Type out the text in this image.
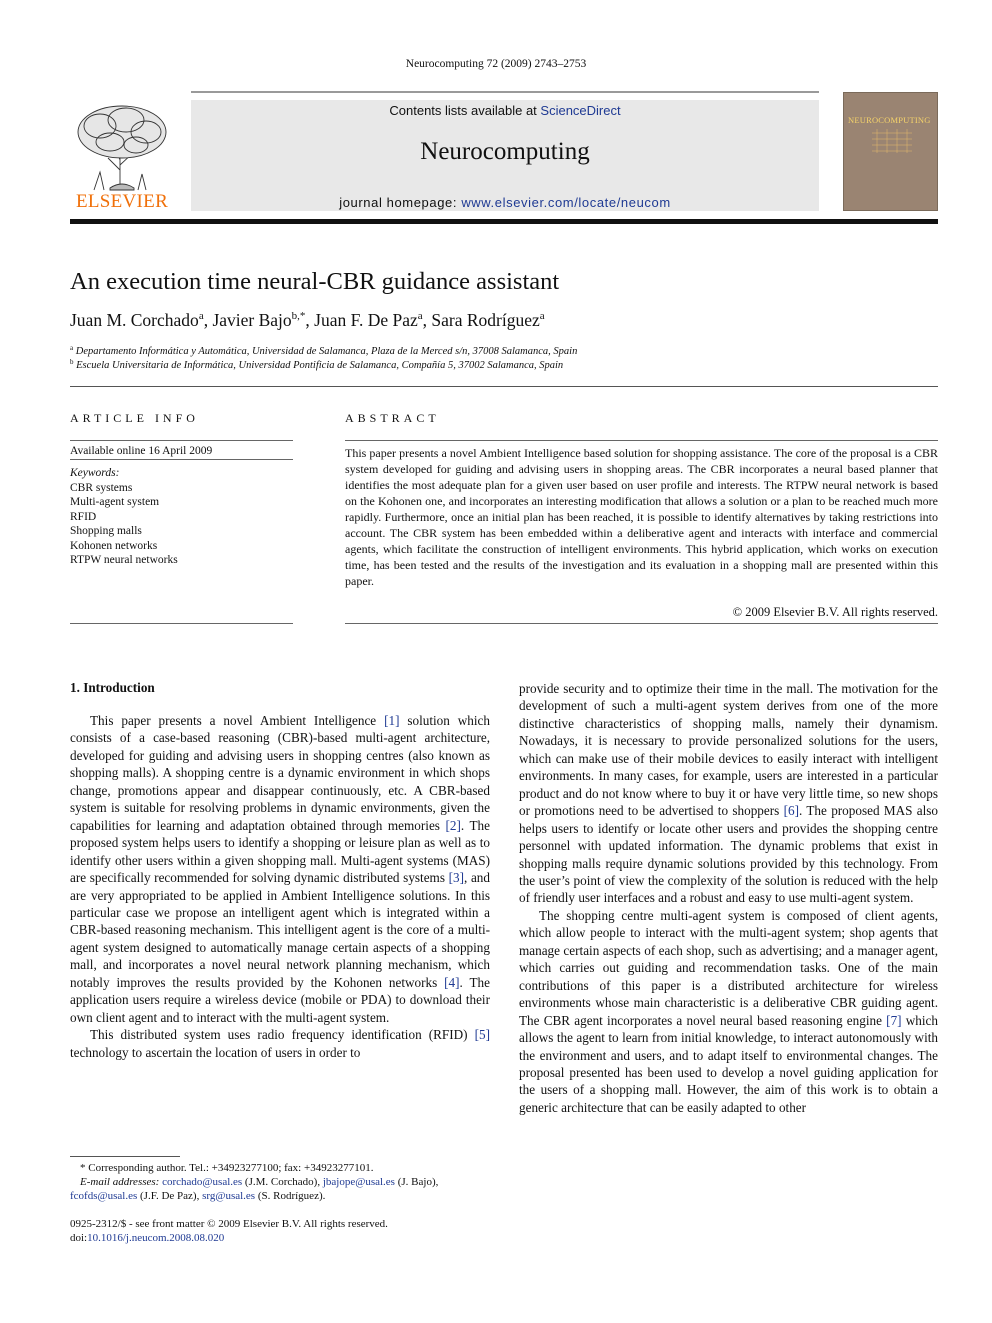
Neurocomputing 72 (2009) 2743–2753
ELSEVIER
Contents lists available at ScienceDirect
Neurocomputing
journal homepage: www.elsevier.com/locate/neucom
NEUROCOMPUTING
An execution time neural-CBR guidance assistant
Juan M. Corchado$^a$, Javier Bajo$^{b,*}$, Juan F. De Paz$^a$, Sara Rodríguez$^a$
$^a$ Departamento Informática y Automática, Universidad de Salamanca, Plaza de la Merced s/n, 37008 Salamanca, Spain
$^b$ Escuela Universitaria de Informática, Universidad Pontificia de Salamanca, Compañía 5, 37002 Salamanca, Spain
ARTICLE INFO
Available online 16 April 2009
Keywords:
CBR systems
Multi-agent system
RFID
Shopping malls
Kohonen networks
RTPW neural networks
ABSTRACT
This paper presents a novel Ambient Intelligence based solution for shopping assistance. The core of the proposal is a CBR system developed for guiding and advising users in shopping areas. The CBR incorporates a neural based planner that identifies the most adequate plan for a given user based on user profile and interests. The RTPW neural network is based on the Kohonen one, and incorporates an interesting modification that allows a solution or a plan to be reached much more rapidly. Furthermore, once an initial plan has been reached, it is possible to identify alternatives by taking restrictions into account. The CBR system has been embedded within a deliberative agent and interacts with interface and commercial agents, which facilitate the construction of intelligent environments. This hybrid application, which works on execution time, has been tested and the results of the investigation and its evaluation in a shopping mall are presented within this paper.
© 2009 Elsevier B.V. All rights reserved.
1. Introduction

This paper presents a novel Ambient Intelligence [1] solution which consists of a case-based reasoning (CBR)-based multi-agent architecture, developed for guiding and advising users in shopping centres (also known as shopping malls). A shopping centre is a dynamic environment in which shops change, promotions appear and disappear continuously, etc. A CBR-based system is suitable for resolving problems in dynamic environments, given the capabilities for learning and adaptation obtained through memories [2]. The proposed system helps users to identify a shopping or leisure plan as well as to identify other users within a given shopping mall. Multi-agent systems (MAS) are specifically recommended for solving dynamic distributed systems [3], and are very appropriated to be applied in Ambient Intelligence solutions. In this particular case we propose an intelligent agent which is integrated within a CBR-based reasoning mechanism. This intelligent agent is the core of a multi-agent system designed to automatically manage certain aspects of a shopping mall, and incorporates a novel neural network planning mechanism, which notably improves the results provided by the Kohonen networks [4]. The application users require a wireless device (mobile or PDA) to download their own client agent and to interact with the multi-agent system.

This distributed system uses radio frequency identification (RFID) [5] technology to ascertain the location of users in order to

provide security and to optimize their time in the mall. The motivation for the development of such a multi-agent system derives from one of the more distinctive characteristics of shopping malls, namely their dynamism. Nowadays, it is necessary to provide personalized solutions for the users, which can make use of their mobile devices to easily interact with intelligent environments. In many cases, for example, users are interested in a particular product and do not know where to buy it or have very little time, so new shops or promotions need to be advertised to shoppers [6]. The proposed MAS also helps users to identify or locate other users and provides the shopping centre personnel with updated information. The dynamic problems that exist in shopping malls require dynamic solutions provided by this technology. From the user’s point of view the complexity of the solution is reduced with the help of friendly user interfaces and a robust and easy to use multi-agent system.

The shopping centre multi-agent system is composed of client agents, which allow people to interact with the multi-agent system; shop agents that manage certain aspects of each shop, such as advertising; and a manager agent, which carries out guiding and recommendation tasks. One of the main contributions of this paper is a distributed architecture for wireless environments whose main characteristic is a deliberative CBR guiding agent. The CBR agent incorporates a novel neural based reasoning engine [7] which allows the agent to learn from initial knowledge, to interact autonomously with the environment and users, and to adapt itself to environmental changes. The proposal presented has been used to develop a novel guiding application for the users of a shopping mall. However, the aim of this work is to obtain a generic architecture that can be easily adapted to other

* Corresponding author. Tel.: +34923277100; fax: +34923277101.
E-mail addresses: corchado@usal.es (J.M. Corchado), jbajope@usal.es (J. Bajo),
fcofds@usal.es (J.F. De Paz), srg@usal.es (S. Rodríguez).
0925-2312/$ - see front matter © 2009 Elsevier B.V. All rights reserved.
doi:10.1016/j.neucom.2008.08.020
